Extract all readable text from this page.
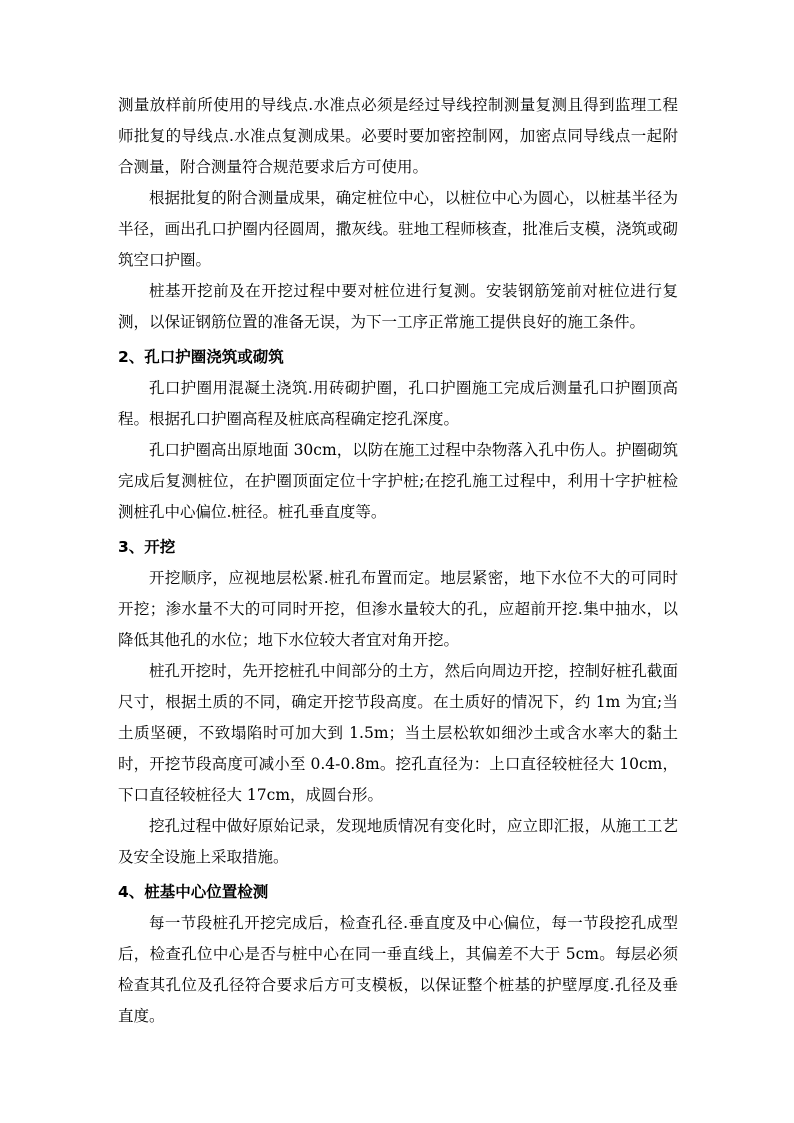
测量放样前所使用的导线点.水准点必须是经过导线控制测量复测且得到监理工程师批复的导线点.水准点复测成果。必要时要加密控制网，加密点同导线点一起附合测量，附合测量符合规范要求后方可使用。

根据批复的附合测量成果，确定桩位中心，以桩位中心为圆心，以桩基半径为半径，画出孔口护圈内径圆周，撒灰线。驻地工程师核查，批准后支模，浇筑或砌筑空口护圈。

桩基开挖前及在开挖过程中要对桩位进行复测。安装钢筋笼前对桩位进行复测，以保证钢筋位置的准备无误，为下一工序正常施工提供良好的施工条件。

2、孔口护圈浇筑或砌筑

孔口护圈用混凝土浇筑.用砖砌护圈，孔口护圈施工完成后测量孔口护圈顶高程。根据孔口护圈高程及桩底高程确定挖孔深度。

孔口护圈高出原地面 30cm，以防在施工过程中杂物落入孔中伤人。护圈砌筑完成后复测桩位，在护圈顶面定位十字护桩;在挖孔施工过程中，利用十字护桩检测桩孔中心偏位.桩径。桩孔垂直度等。

3、开挖

开挖顺序，应视地层松紧.桩孔布置而定。地层紧密，地下水位不大的可同时开挖；渗水量不大的可同时开挖，但渗水量较大的孔，应超前开挖.集中抽水，以降低其他孔的水位；地下水位较大者宜对角开挖。

桩孔开挖时，先开挖桩孔中间部分的土方，然后向周边开挖，控制好桩孔截面尺寸，根据土质的不同，确定开挖节段高度。在土质好的情况下，约 1m 为宜;当土质坚硬，不致塌陷时可加大到 1.5m；当土层松软如细沙土或含水率大的黏土时，开挖节段高度可减小至 0.4-0.8m。挖孔直径为：上口直径较桩径大 10cm，下口直径较桩径大 17cm，成圆台形。

挖孔过程中做好原始记录，发现地质情况有变化时，应立即汇报，从施工工艺及安全设施上采取措施。

4、桩基中心位置检测

每一节段桩孔开挖完成后，检查孔径.垂直度及中心偏位，每一节段挖孔成型后，检查孔位中心是否与桩中心在同一垂直线上，其偏差不大于 5cm。每层必须检查其孔位及孔径符合要求后方可支模板，以保证整个桩基的护壁厚度.孔径及垂直度。
